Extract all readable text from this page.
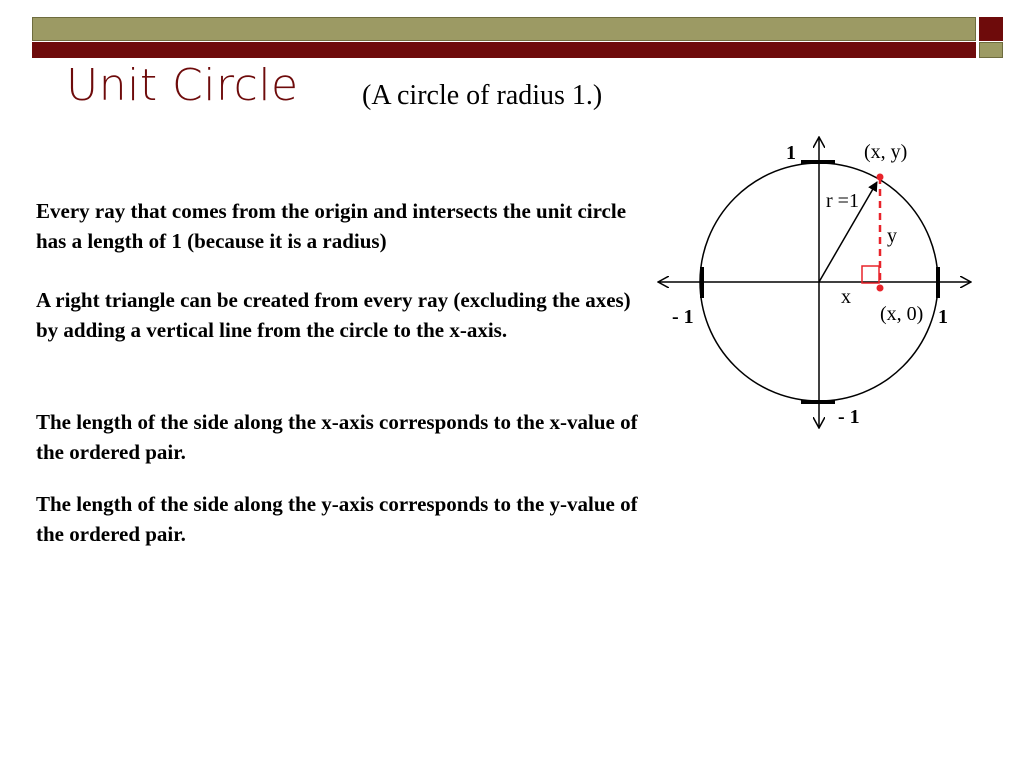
Unit Circle (A circle of radius 1.)

Every ray that comes from the origin and intersects the unit circle has a length of 1 (because it is a radius)

A right triangle can be created from every ray (excluding the axes) by adding a vertical line from the circle to the x-axis.

The length of the side along the x-axis corresponds to the x-value of the ordered pair.

The length of the side along the y-axis corresponds to the y-value of the ordered pair.

1
- 1
- 1	1
(x, y)
(x, 0)
r =1
x
y
